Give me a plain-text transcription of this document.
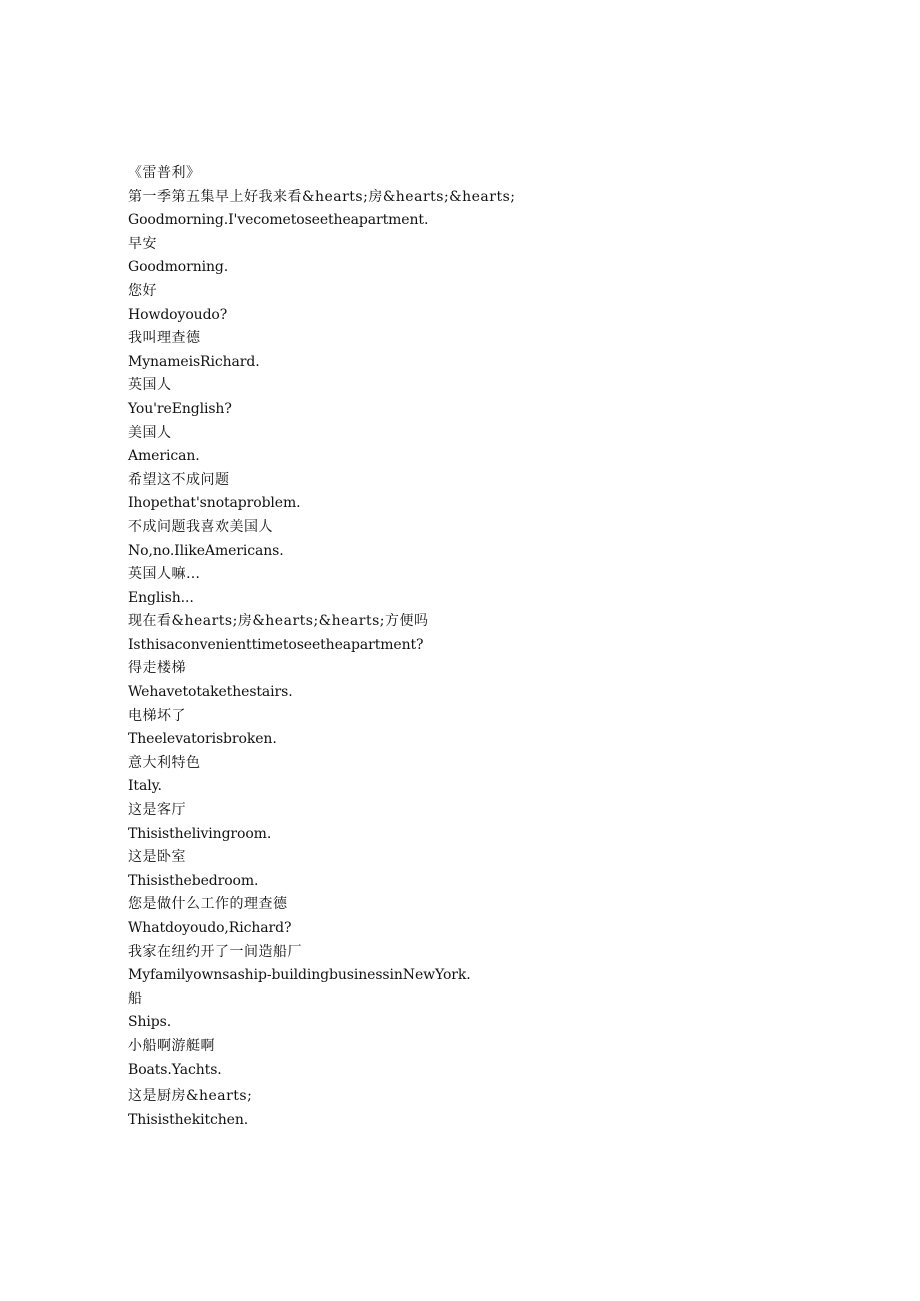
《雷普利》
第一季第五集早上好我来看&hearts;房&hearts;&hearts;
Goodmorning.I'vecometoseetheapartment.
早安
Goodmorning.
您好
Howdoyoudo?
我叫理查德
MynameisRichard.
英国人
You'reEnglish?
美国人
American.
希望这不成问题
Ihopethat'snotaproblem.
不成问题我喜欢美国人
No,no.IlikeAmericans.
英国人嘛…
English...
现在看&hearts;房&hearts;&hearts;方便吗
Isthisaconvenienttimetoseetheapartment?
得走楼梯
Wehavetotakethestairs.
电梯坏了
Theelevatorisbroken.
意大利特色
Italy.
这是客厅
Thisisthelivingroom.
这是卧室
Thisisthebedroom.
您是做什么工作的理查德
Whatdoyoudo,Richard?
我家在纽约开了一间造船厂
Myfamilyownsaship-buildingbusinessinNewYork.
船
Ships.
小船啊游艇啊
Boats.Yachts.
这是厨房&hearts;
Thisisthekitchen.
